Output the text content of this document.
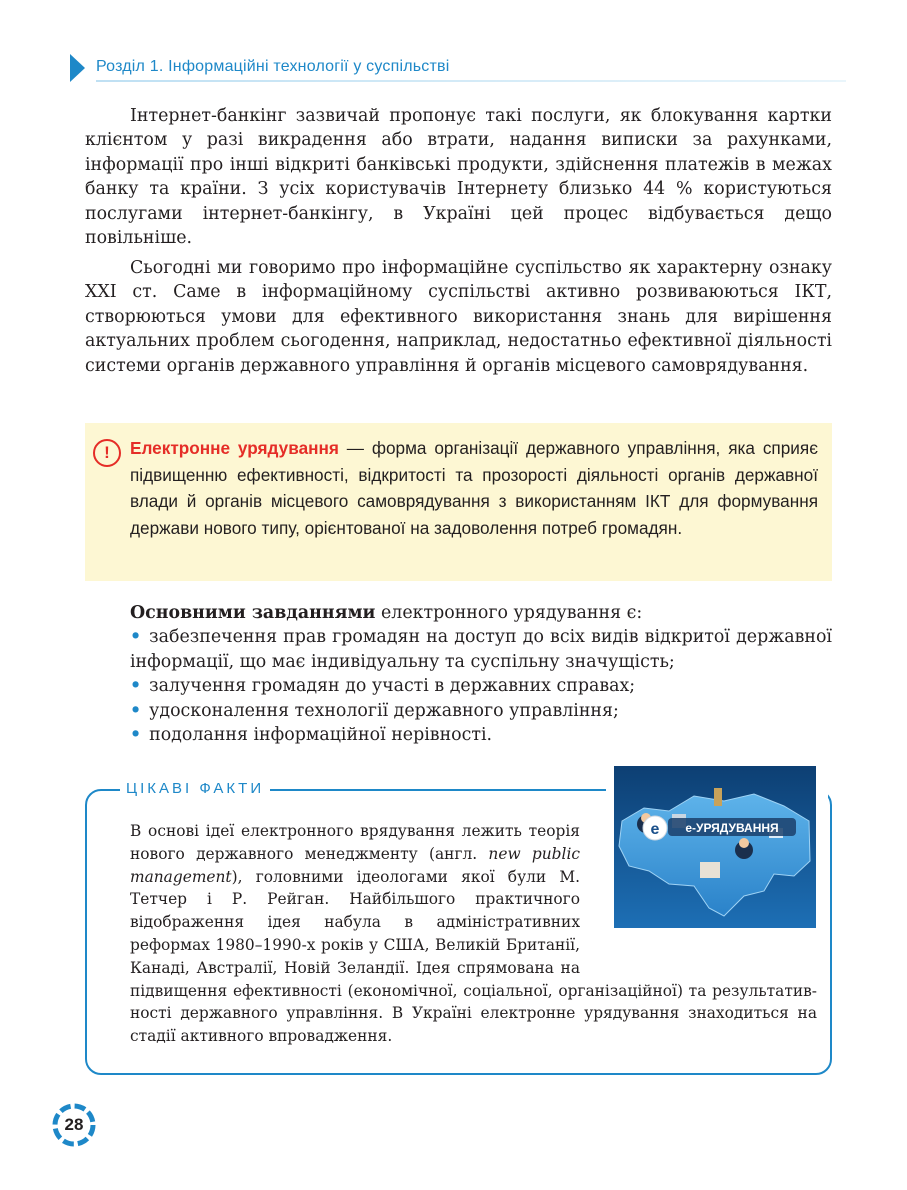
Розділ 1. Інформаційні технології у суспільстві

Інтернет-банкінг зазвичай пропонує такі послуги, як блокування картки клієнтом у разі викрадення або втрати, надання виписки за рахунками, інформації про інші відкриті банківські продукти, здійснення платежів в межах банку та країни. З усіх користувачів Інтернету близько 44 % користуються послугами інтернет-банкінгу, в Україні цей процес відбувається дещо повільніше.

Сьогодні ми говоримо про інформаційне суспільство як характерну ознаку XXI ст. Саме в інформаційному суспільстві активно розвиваюються ІКТ, створюються умови для ефективного використання знань для вирішення актуальних проблем сьогодення, наприклад, недостатньо ефективної діяльності системи органів державного управління й органів місцевого самоврядування.

!	Електронне урядування — форма організації державного управління, яка сприяє підвищенню ефективності, відкритості та прозорості діяльності органів державної влади й органів місцевого самоврядування з використанням ІКТ для формування держави нового типу, орієнтованої на задоволення потреб громадян.

Основними завданнями електронного урядування є:

• забезпечення прав громадян на доступ до всіх видів відкритої державної інформації, що має індивідуальну та суспільну значущість;

• залучення громадян до участі в державних справах;

• удосконалення технології державного управління;

• подолання інформаційної нерівності.

ЦІКАВІ ФАКТИ
e e-УРЯДУВАННЯ

В основі ідеї електронного врядування лежить теорія нового державного менеджменту (англ. new public management), головними ідеологами якої були М. Тетчер і Р. Рейган. Найбільшого практичного відображення ідея набула в адміністративних реформах 1980–1990-х років у США, Великій Британії, Канаді, Австралії, Новій Зеландії. Ідея спрямована на підвищення ефективності (економічної, соціальної, організаційної) та результативності державного управління. В Україні електронне урядування знаходиться на стадії активного впровадження.

28
